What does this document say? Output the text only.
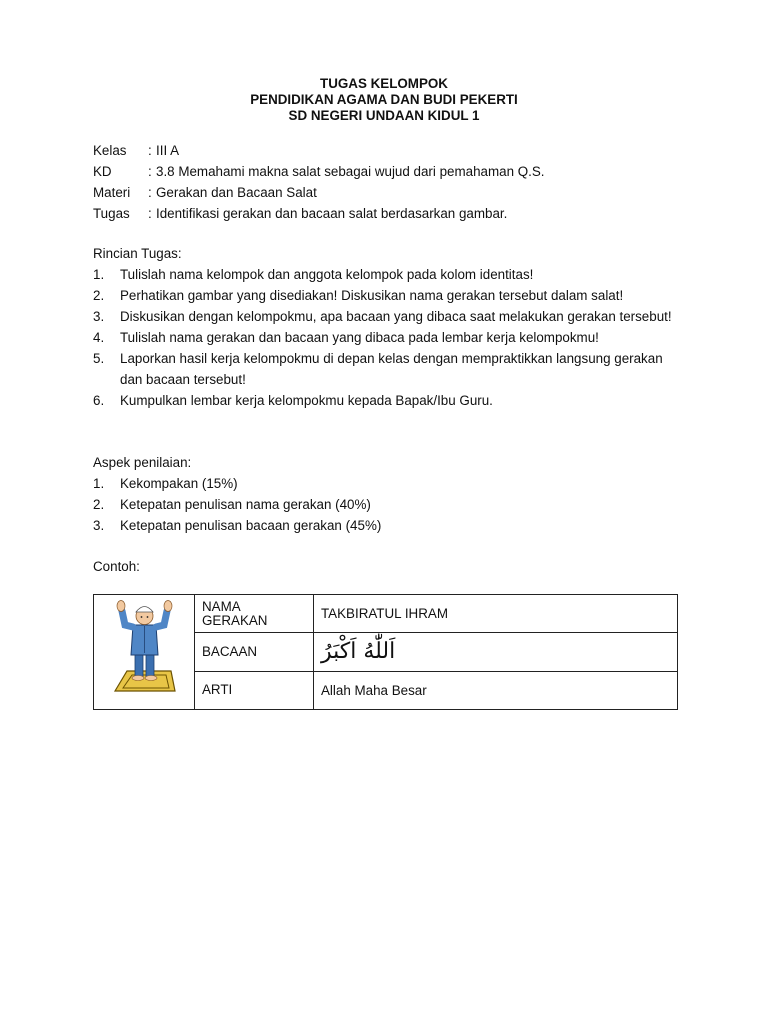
TUGAS KELOMPOK
PENDIDIKAN AGAMA DAN BUDI PEKERTI
SD NEGERI UNDAAN KIDUL 1
Kelas : III A
KD	: 3.8 Memahami makna salat sebagai wujud dari pemahaman Q.S.
Materi : Gerakan dan Bacaan Salat
Tugas : Identifikasi gerakan dan bacaan salat berdasarkan gambar.
Rincian Tugas:
1. Tulislah nama kelompok dan anggota kelompok pada kolom identitas!
2. Perhatikan gambar yang disediakan! Diskusikan nama gerakan tersebut dalam salat!
3. Diskusikan dengan kelompokmu, apa bacaan yang dibaca saat melakukan gerakan tersebut!
4. Tulislah nama gerakan dan bacaan yang dibaca pada lembar kerja kelompokmu!
5. Laporkan hasil kerja kelompokmu di depan kelas dengan mempraktikkan langsung gerakan dan bacaan tersebut!
6. Kumpulkan lembar kerja kelompokmu kepada Bapak/Ibu Guru.
Aspek penilaian:
1. Kekompakan (15%)
2. Ketepatan penulisan nama gerakan (40%)
3. Ketepatan penulisan bacaan gerakan (45%)
Contoh:
	NAMA GERAKAN	TAKBIRATUL IHRAM
	BACAAN	اَللّٰهُ اَكْبَرُ
	ARTI	Allah Maha Besar
